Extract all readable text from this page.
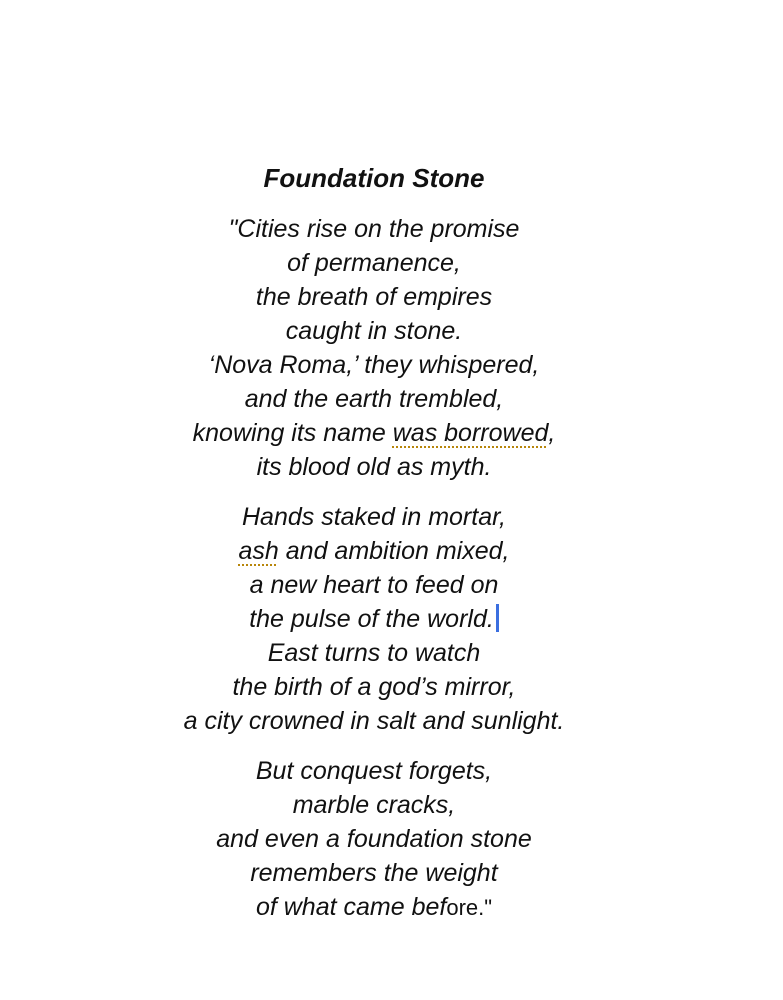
Foundation Stone
"Cities rise on the promise
of permanence,
the breath of empires
caught in stone.
‘Nova Roma,’ they whispered,
and the earth trembled,
knowing its name was borrowed,
its blood old as myth.
Hands staked in mortar,
ash and ambition mixed,
a new heart to feed on
the pulse of the world.
East turns to watch
the birth of a god’s mirror,
a city crowned in salt and sunlight.
But conquest forgets,
marble cracks,
and even a foundation stone
remembers the weight
of what came before."
